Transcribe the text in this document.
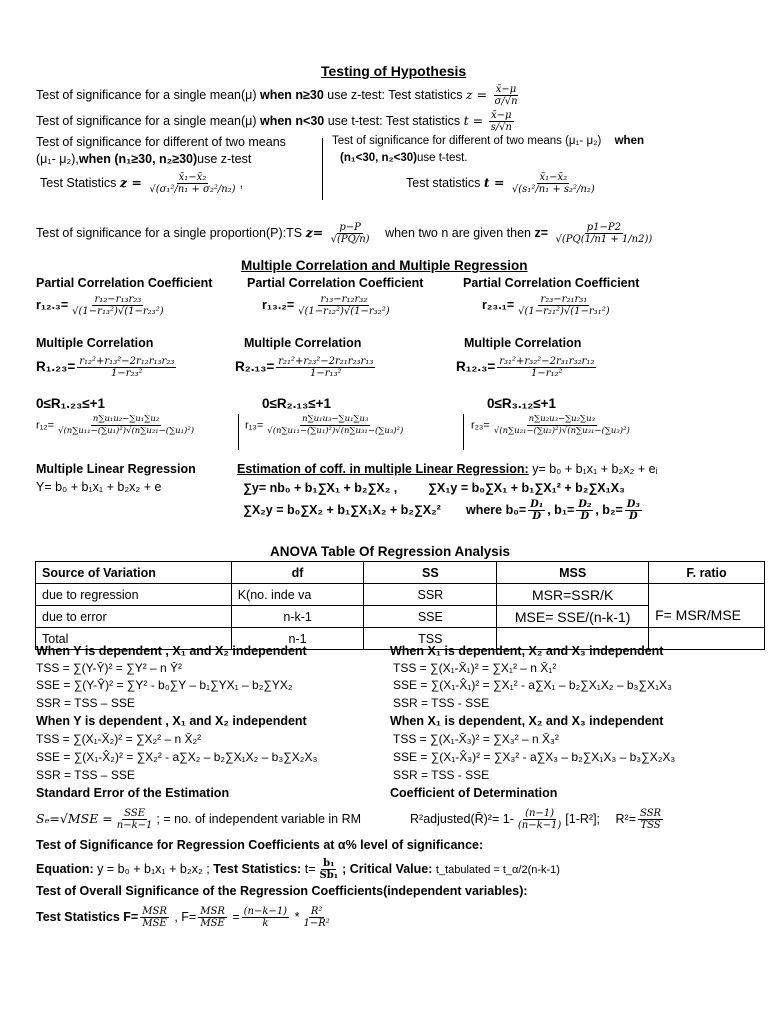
Testing of Hypothesis
Test of significance for a single mean(μ) when n≥30 use z-test: Test statistics $z = \frac{x̄-\mu}{\sigma/√n}$
Test of significance for a single mean(μ) when n<30 use t-test: Test statistics $t = \frac{x̄-\mu}{s/√n}$
Test of significance for different of two means
(μ₁- μ₂),when (n₁≥30, n₂≥30)use z-test
Test Statistics $z = \frac{\text{x̄₁−x̄₂}}{\text{√(σ₁²/n₁ + σ₂²/n₂)}}$ ,
Test of significance for different of two means (μ₁- μ₂) when
(n₁<30, n₂<30)use t-test.
Test statistics $t = \frac{\text{x̄₁−x̄₂}}{\text{√(s₁²/n₁ + s₂²/n₂)}}$
Test of significance for a single proportion(P):TS $z= \frac{p-P}{√(PQ/n)}$ when two n are given then $z= \frac{p1-P2}{√(PQ(1/n1 + 1/n2))}$
Multiple Correlation and Multiple Regression
Partial Correlation Coefficient	Partial Correlation Coefficient	Partial Correlation Coefficient
$r_{12}._3= \frac{\text{r₁₂−r₁₃r₂₃}}{\text{√(1−r₁₃²)√(1−r₂₃²)}}$	$r_{13}._2= \frac{\text{r₁₃−r₁₂r₃₂}}{\text{√(1−r₁₂²)√(1−r₃₂²)}}$	$r_{23}._1= \frac{\text{r₂₃−r₂₁r₃₁}}{\text{√(1−r₂₁²)√(1−r₃₁²)}}$
Multiple Correlation	Multiple Correlation	Multiple Correlation
$R_1._{23}= \frac{\text{r₁₂²+r₁₃²−2r₁₂r₁₃r₂₃}}{\text{1−r₂₃²}}$	$R_2._{13}= \frac{\text{r₂₁²+r₂₃²−2r₂₁r₂₃r₁₃}}{\text{1−r₁₃²}}$	$R_{12}._3= \frac{\text{r₃₁²+r₃₂²−2r₃₁r₃₂r₁₂}}{\text{1−r₁₂²}}$
0≤R₁.₂₃≤+1	0≤R₂.₁₃≤+1	0≤R₃.₁₂≤+1
$r_{12}= \frac{\text{n∑u₁u₂−∑u₁∑u₂}}{\text{√(n∑u₁₁−(∑u₁)²)√(n∑u₂₁−(∑u₁)²)}}$	$r_{13}= \frac{\text{n∑u₁u₃−∑u₁∑u₃}}{\text{√(n∑u₁₁−(∑u₁)²)√(n∑u₃₁−(∑u₃)²)}}$	$r_{23}= \frac{\text{n∑u₂u₃−∑u₂∑u₃}}{\text{√(n∑u₂₁−(∑u₂)²)√(n∑u₃₁−(∑u₃)²)}}$
Multiple Linear Regression
Y= b₀ + b₁x₁ + b₂x₂ + e
Estimation of coff. in multiple Linear Regression: y= b₀ + b₁x₁ + b₂x₂ + eᵢ
∑y= nb₀ + b₁∑X₁ + b₂∑X₂ , ∑X₁y = b₀∑X₁ + b₁∑X₁² + b₂∑X₁X₃
∑X₂y = b₀∑X₂ + b₁∑X₁X₂ + b₂∑X₂² where $b_0= \frac{\text{D₁}}{D}$ , $b_1= \frac{\text{D₂}}{D}$ , $b_2= \frac{\text{D₃}}{D}$
ANOVA Table Of Regression Analysis
Source of Variation	df	SS	MSS	F. ratio
due to regression	K(no. inde va	SSR	MSR=SSR/K	F= MSR/MSE
due to error	n-k-1	SSE	MSE= SSE/(n-k-1)	
Total	n-1	TSS		
When Y is dependent , X₁ and X₂ independent
TSS = ∑(Y-Ȳ)² = ∑Y² – n Ȳ²
SSE = ∑(Y-Ŷ)² = ∑Y² - b₀∑Y – b₁∑YX₁ – b₂∑YX₂
SSR = TSS – SSE
When X₁ is dependent, X₂ and X₃ independent
TSS = ∑(X₁-X̄₁)² = ∑X₁² – n X̄₁²
SSE = ∑(X₁-X̂₁)² = ∑X₁² - a∑X₁ – b₂∑X₁X₂ – b₃∑X₁X₃
SSR = TSS - SSE
When Y is dependent , X₁ and X₂ independent
TSS = ∑(X₁-X̄₂)² = ∑X₂² – n X̄₂²
SSE = ∑(X₁-X̂₂)² = ∑X₂² - a∑X₂ – b₂∑X₁X₂ – b₃∑X₂X₃
SSR = TSS – SSE
When X₁ is dependent, X₂ and X₃ independent
TSS = ∑(X₁-X̄₃)² = ∑X₃² – n X̄₃²
SSE = ∑(X₁-X̂₃)² = ∑X₃² - a∑X₃ – b₂∑X₁X₃ – b₃∑X₂X₃
SSR = TSS - SSE
Standard Error of the Estimation	Coefficient of Determination
$S_e=√MSE = \frac{\text{SSE}}{n-k-1}$ ; = no. of independent variable in RM	R²adjusted(R̄)²= $1- \frac{(n-1)}{(n-k-1)} [1-R^2]$; $R^2= \frac{\text{SSR}}{\text{TSS}}$
Test of Significance for Regression Coefficients at α% level of significance:
Equation: y = b₀ + b₁x₁ + b₂x₂ ; Test Statistics: $t= \frac{\text{b₁}}{\text{Sb₁}}$ ; Critical Value: t_tabulated = t_α/2(n-k-1)
Test of Overall Significance of the Regression Coefficients(independent variables):
Test Statistics $F= \frac{\text{MSR}}{\text{MSE}}$ , $F= \frac{\text{MSR}}{\text{MSE}} = \frac{(n-k-1)}{k} * \frac{\text{R²}}{\text{1−R²}}$
